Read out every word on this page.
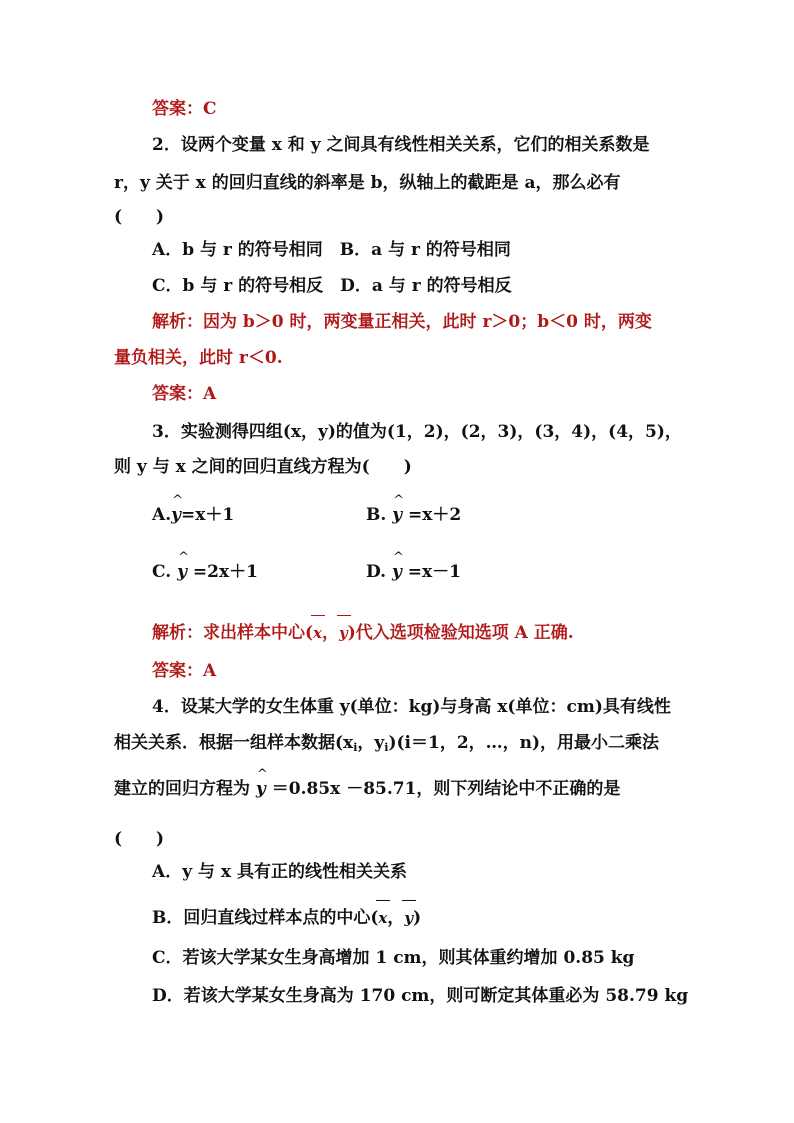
答案：C
2．设两个变量 x 和 y 之间具有线性相关关系，它们的相关系数是
r，y 关于 x 的回归直线的斜率是 b，纵轴上的截距是 a，那么必有
(　　)
A．b 与 r 的符号相同　B．a 与 r 的符号相同
C．b 与 r 的符号相反　D．a 与 r 的符号相反
解析：因为 b＞0 时，两变量正相关，此时 r＞0；b＜0 时，两变
量负相关，此时 r＜0.
答案：A
3．实验测得四组(x，y)的值为(1，2)，(2，3)，(3，4)，(4，5)，
则 y 与 x 之间的回归直线方程为(　　)
A.^ y=x＋1	B. ^ y =x＋2
C. ^ y =2x＋1	D. ^ y =x－1
解析：求出样本中心(x，y)代入选项检验知选项 A 正确.
答案：A
4．设某大学的女生体重 y(单位：kg)与身高 x(单位：cm)具有线性
相关关系．根据一组样本数据($x_i$，$y_i)(i=1$，2，…，n)，用最小二乘法
建立的回归方程为 ^ y ＝0.85x －85.71，则下列结论中不正确的是
(　　)
A．y 与 x 具有正的线性相关关系
B．回归直线过样本点的中心(x，y)
C．若该大学某女生身高增加 1 cm，则其体重约增加 0.85 kg
D．若该大学某女生身高为 170 cm，则可断定其体重必为 58.79 kg
